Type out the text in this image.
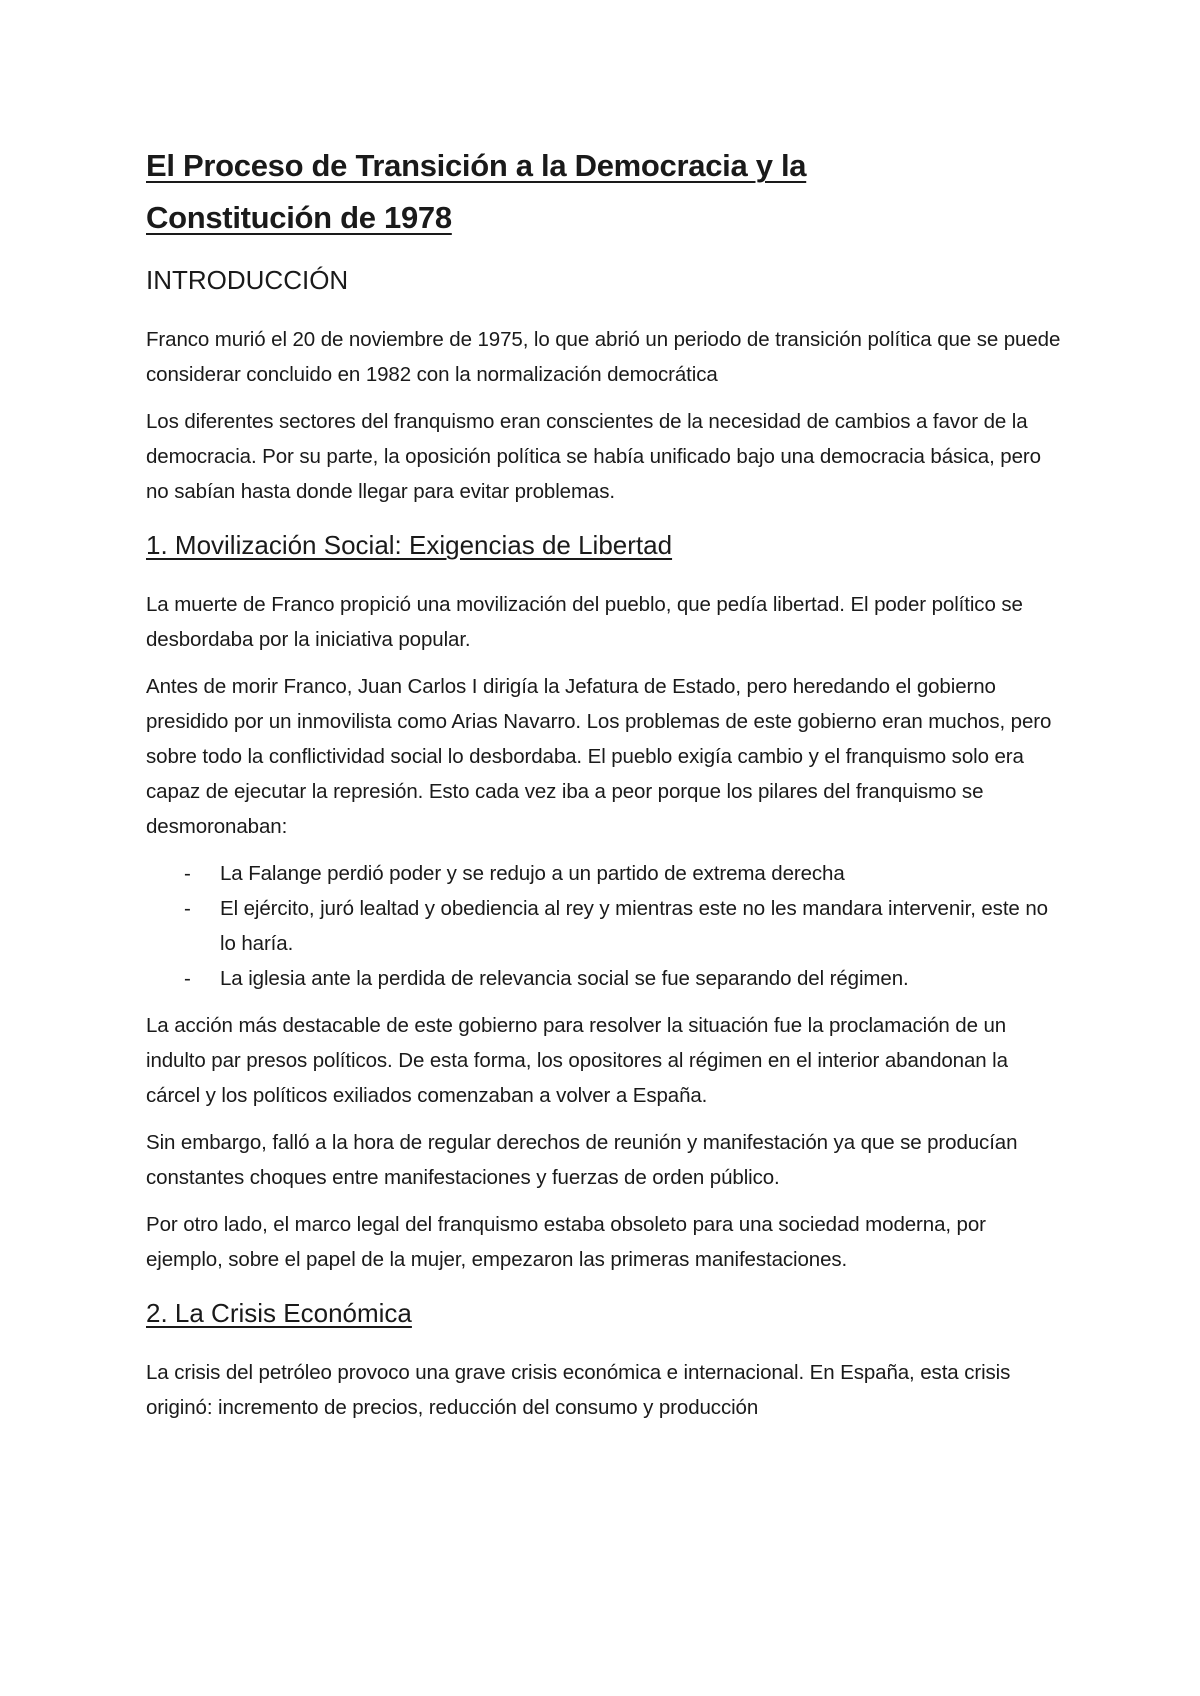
El Proceso de Transición a la Democracia y la
Constitución de 1978
INTRODUCCIÓN

Franco murió el 20 de noviembre de 1975, lo que abrió un periodo de transición política que se puede considerar concluido en 1982 con la normalización democrática

Los diferentes sectores del franquismo eran conscientes de la necesidad de cambios a favor de la democracia. Por su parte, la oposición política se había unificado bajo una democracia básica, pero no sabían hasta donde llegar para evitar problemas.

1. Movilización Social: Exigencias de Libertad

La muerte de Franco propició una movilización del pueblo, que pedía libertad. El poder político se desbordaba por la iniciativa popular.

Antes de morir Franco, Juan Carlos I dirigía la Jefatura de Estado, pero heredando el gobierno presidido por un inmovilista como Arias Navarro. Los problemas de este gobierno eran muchos, pero sobre todo la conflictividad social lo desbordaba. El pueblo exigía cambio y el franquismo solo era capaz de ejecutar la represión. Esto cada vez iba a peor porque los pilares del franquismo se desmoronaban:

- La Falange perdió poder y se redujo a un partido de extrema derecha
- El ejército, juró lealtad y obediencia al rey y mientras este no les mandara intervenir, este no lo haría.
- La iglesia ante la perdida de relevancia social se fue separando del régimen.

La acción más destacable de este gobierno para resolver la situación fue la proclamación de un indulto par presos políticos. De esta forma, los opositores al régimen en el interior abandonan la cárcel y los políticos exiliados comenzaban a volver a España.

Sin embargo, falló a la hora de regular derechos de reunión y manifestación ya que se producían constantes choques entre manifestaciones y fuerzas de orden público.

Por otro lado, el marco legal del franquismo estaba obsoleto para una sociedad moderna, por ejemplo, sobre el papel de la mujer, empezaron las primeras manifestaciones.

2. La Crisis Económica

La crisis del petróleo provoco una grave crisis económica e internacional. En España, esta crisis originó: incremento de precios, reducción del consumo y producción
